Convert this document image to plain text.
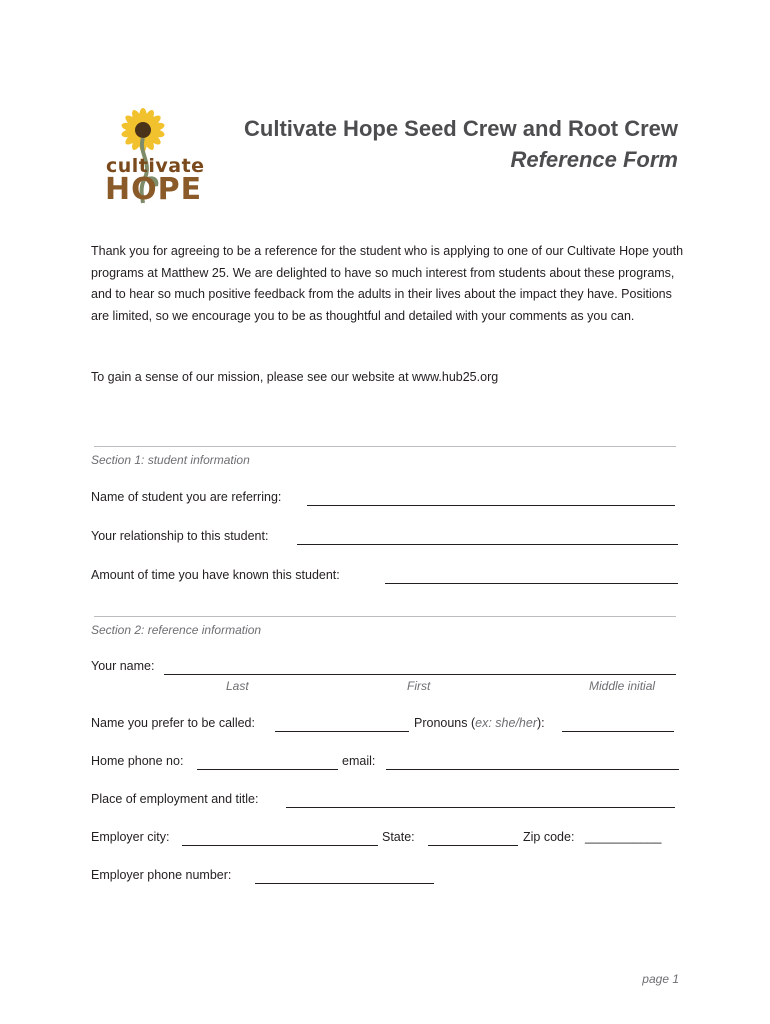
cultivate
HOPE
Cultivate Hope Seed Crew and Root Crew
Reference Form
Thank you for agreeing to be a reference for the student who is applying to one of our Cultivate Hope youth programs at Matthew 25. We are delighted to have so much interest from students about these programs, and to hear so much positive feedback from the adults in their lives about the impact they have. Positions are limited, so we encourage you to be as thoughtful and detailed with your comments as you can.
To gain a sense of our mission, please see our website at www.hub25.org
Section 1: student information
Name of student you are referring:
Your relationship to this student:
Amount of time you have known this student:
Section 2: reference information
Your name:
Last	First	Middle initial
Name you prefer to be called:	Pronouns (ex: she/her):
Home phone no:	email:
Place of employment and title:
Employer city:	State:	Zip code: ___________
Employer phone number:
page 1
